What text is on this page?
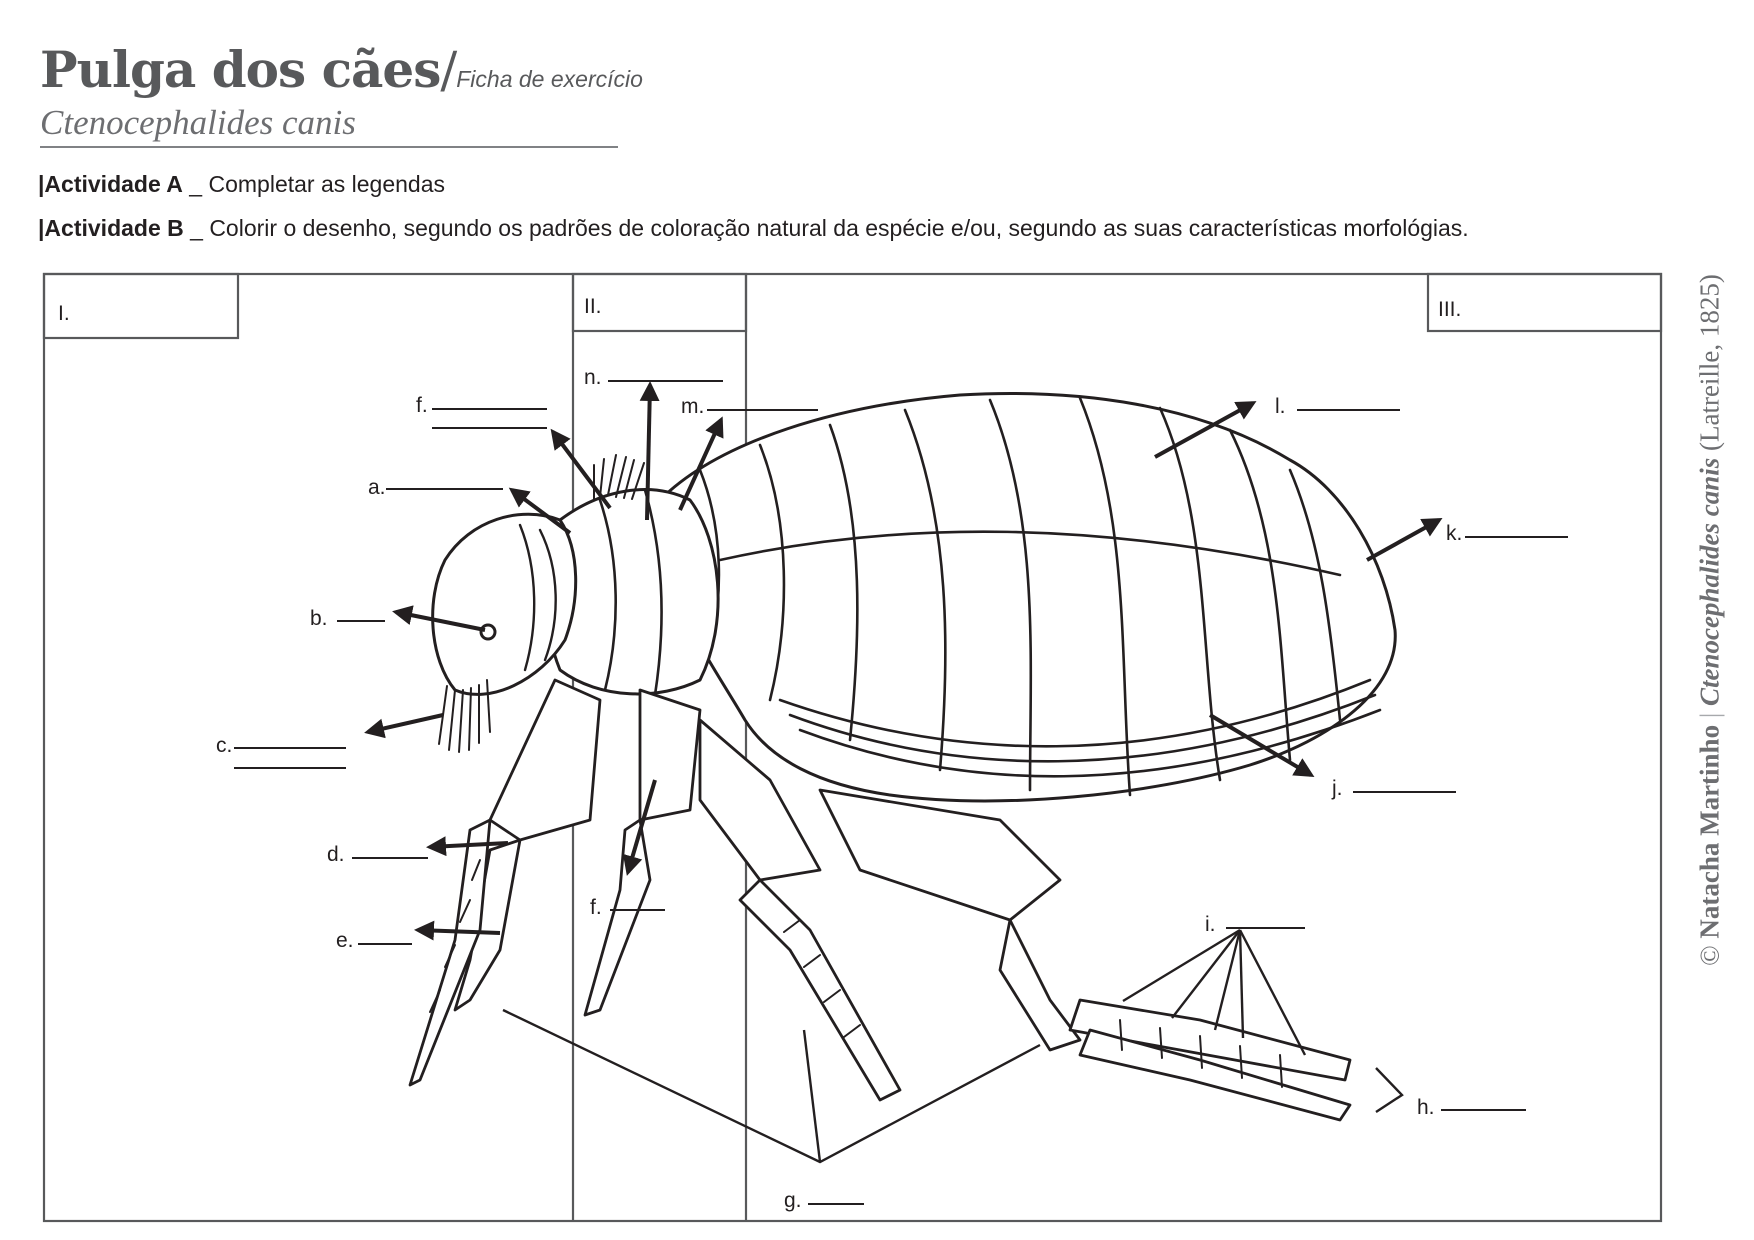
Pulga dos cães/Ficha de exercício
Ctenocephalides canis
|Actividade A _ Completar as legendas
|Actividade B _ Colorir o desenho, segundo os padrões de coloração natural da espécie e/ou, segundo as suas características morfológias.
© Natacha Martinho | Ctenocephalides canis (Latreille, 1825)
I.	II.	III.
a.
b.
c.
d.
e.
f.
f.
g.
h.
i.
j.
k.
l.
m.
n.
